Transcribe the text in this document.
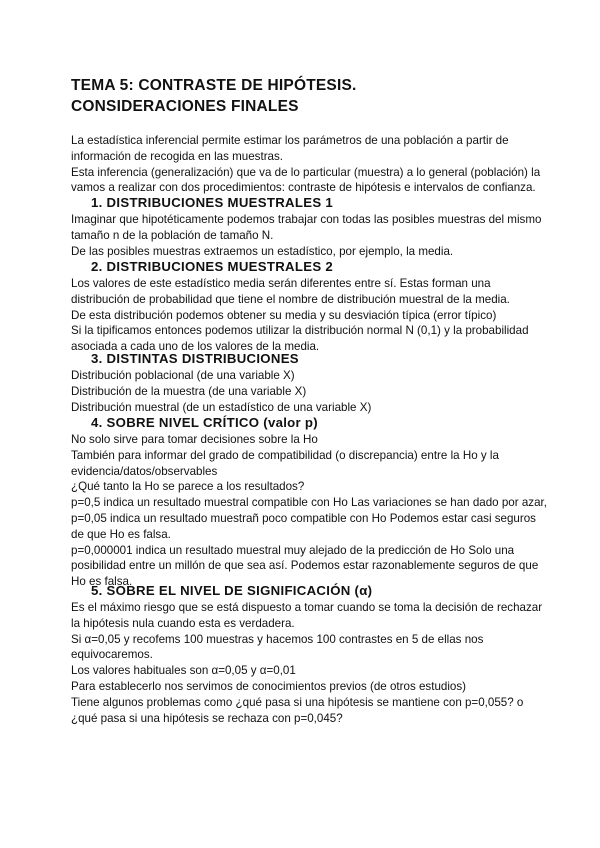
TEMA 5: CONTRASTE DE HIPÓTESIS.
CONSIDERACIONES FINALES
La estadística inferencial permite estimar los parámetros de una población a partir de
información de recogida en las muestras.
Esta inferencia (generalización) que va de lo particular (muestra) a lo general (población) la
vamos a realizar con dos procedimientos: contraste de hipótesis e intervalos de confianza.
1. DISTRIBUCIONES MUESTRALES 1
Imaginar que hipotéticamente podemos trabajar con todas las posibles muestras del mismo
tamaño n de la población de tamaño N.
De las posibles muestras extraemos un estadístico, por ejemplo, la media.
2. DISTRIBUCIONES MUESTRALES 2
Los valores de este estadístico media serán diferentes entre sí. Estas forman una
distribución de probabilidad que tiene el nombre de distribución muestral de la media.
De esta distribución podemos obtener su media y su desviación típica (error típico)
Si la tipificamos entonces podemos utilizar la distribución normal N (0,1) y la probabilidad
asociada a cada uno de los valores de la media.
3. DISTINTAS DISTRIBUCIONES
Distribución poblacional (de una variable X)
Distribución de la muestra (de una variable X)
Distribución muestral (de un estadístico de una variable X)
4. SOBRE NIVEL CRÍTICO (valor p)
No solo sirve para tomar decisiones sobre la Ho
También para informar del grado de compatibilidad (o discrepancia) entre la Ho y la
evidencia/datos/observables
¿Qué tanto la Ho se parece a los resultados?
p=0,5 indica un resultado muestral compatible con Ho Las variaciones se han dado por azar,
p=0,05 indica un resultado muestrañ poco compatible con Ho Podemos estar casi seguros
de que Ho es falsa.
p=0,000001 indica un resultado muestral muy alejado de la predicción de Ho Solo una
posibilidad entre un millón de que sea así. Podemos estar razonablemente seguros de que
Ho es falsa.
5. SOBRE EL NIVEL DE SIGNIFICACIÓN (α)
Es el máximo riesgo que se está dispuesto a tomar cuando se toma la decisión de rechazar
la hipótesis nula cuando esta es verdadera.
Si α=0,05 y recofems 100 muestras y hacemos 100 contrastes en 5 de ellas nos
equivocaremos.
Los valores habituales son α=0,05 y α=0,01
Para establecerlo nos servimos de conocimientos previos (de otros estudios)
Tiene algunos problemas como ¿qué pasa si una hipótesis se mantiene con p=0,055? o
¿qué pasa si una hipótesis se rechaza con p=0,045?
